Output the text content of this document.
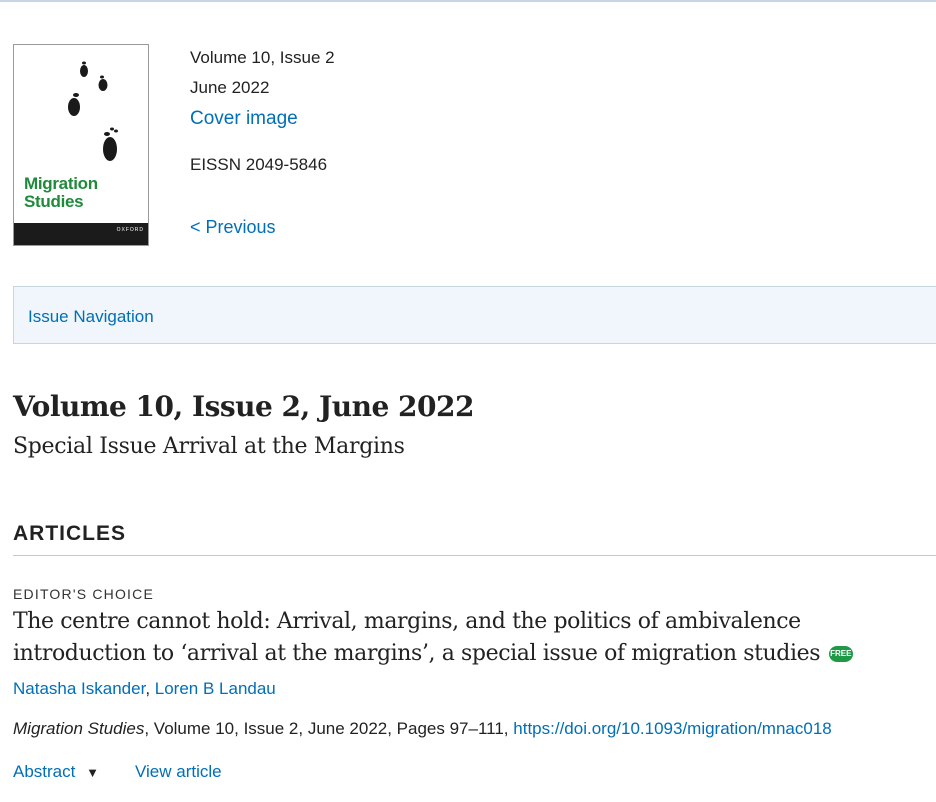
Migration
Studies
OXFORD
Volume 10, Issue 2
June 2022
Cover image
EISSN 2049-5846
< Previous
Issue Navigation
Volume 10, Issue 2, June 2022
Special Issue Arrival at the Margins
ARTICLES
EDITOR'S CHOICE
The centre cannot hold: Arrival, margins, and the politics of ambivalence introduction to ‘arrival at the margins’, a special issue of migration studies FREE
Natasha Iskander, Loren B Landau
Migration Studies, Volume 10, Issue 2, June 2022, Pages 97–111, https://doi.org/10.1093/migration/mnac018
Abstract ▼ View article
